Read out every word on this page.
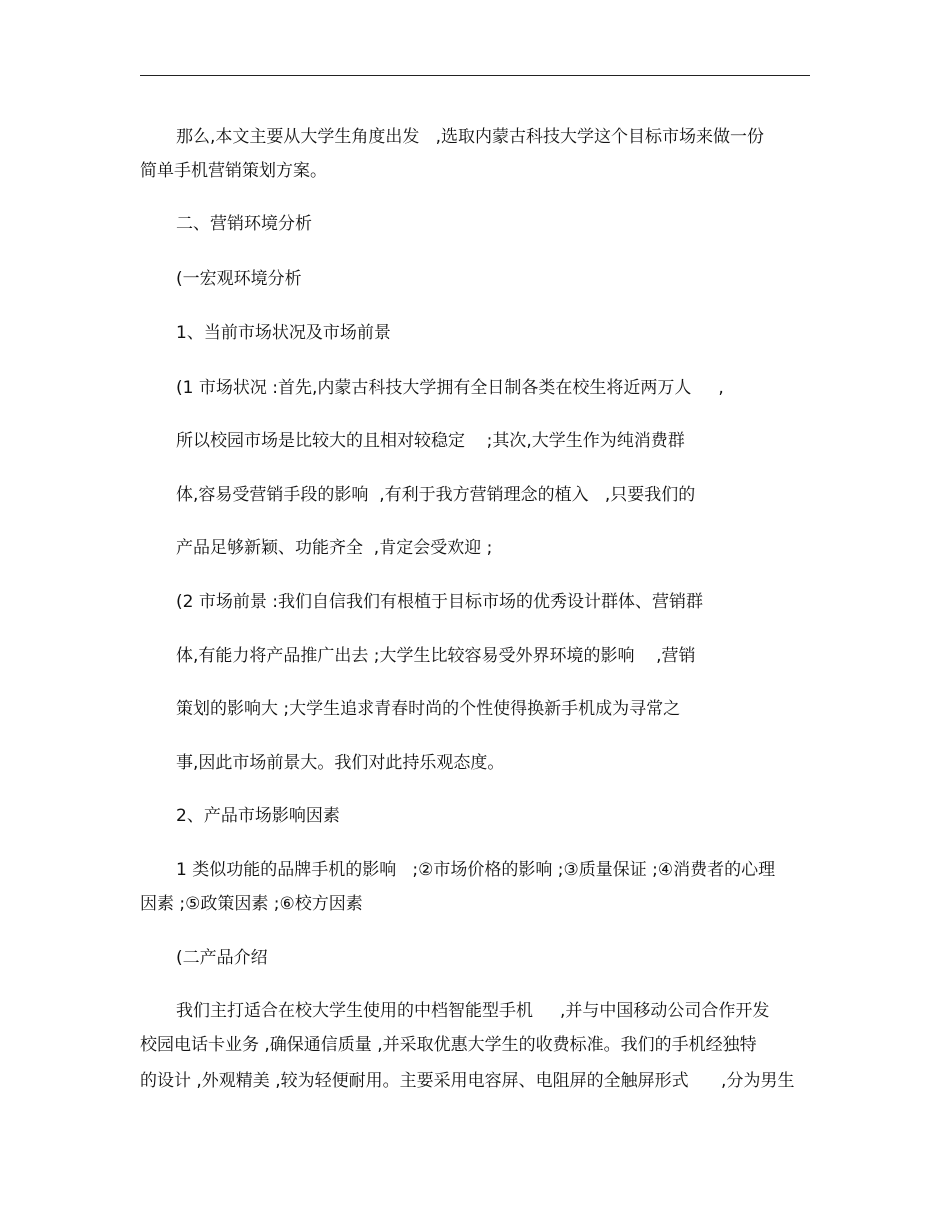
那么,本文主要从大学生角度出发   ,选取内蒙古科技大学这个目标市场来做一份
简单手机营销策划方案。
二、营销环境分析
(一宏观环境分析
1、当前市场状况及市场前景
(1 市场状况 :首先,内蒙古科技大学拥有全日制各类在校生将近两万人     ,
所以校园市场是比较大的且相对较稳定    ;其次,大学生作为纯消费群
体,容易受营销手段的影响  ,有利于我方营销理念的植入   ,只要我们的
产品足够新颖、功能齐全  ,肯定会受欢迎 ;
(2 市场前景 :我们自信我们有根植于目标市场的优秀设计群体、营销群
体,有能力将产品推广出去 ;大学生比较容易受外界环境的影响    ,营销
策划的影响大 ;大学生追求青春时尚的个性使得换新手机成为寻常之
事,因此市场前景大。我们对此持乐观态度。
2、产品市场影响因素
1 类似功能的品牌手机的影响   ;②市场价格的影响 ;③质量保证 ;④消费者的心理
因素 ;⑤政策因素 ;⑥校方因素
(二产品介绍
我们主打适合在校大学生使用的中档智能型手机     ,并与中国移动公司合作开发
校园电话卡业务 ,确保通信质量 ,并采取优惠大学生的收费标准。我们的手机经独特
的设计 ,外观精美 ,较为轻便耐用。主要采用电容屏、电阻屏的全触屏形式      ,分为男生
